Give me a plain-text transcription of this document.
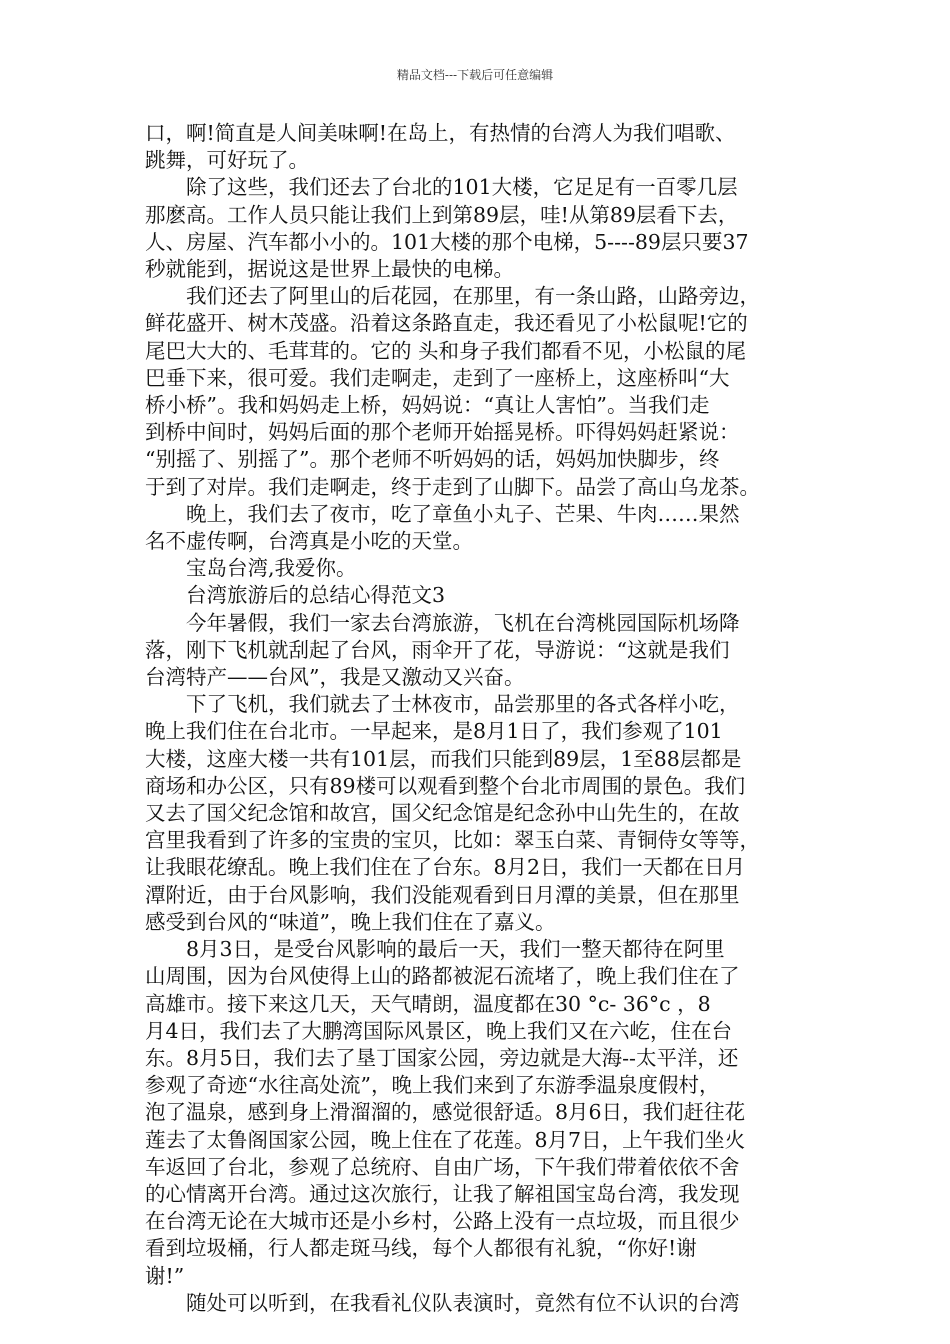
精品文档---下载后可任意编辑

口，啊!简直是人间美味啊!在岛上，有热情的台湾人为我们唱歌、

跳舞，可好玩了。

　　除了这些，我们还去了台北的101大楼，它足足有一百零几层

那麽高。工作人员只能让我们上到第89层，哇!从第89层看下去，

人、房屋、汽车都小小的。101大楼的那个电梯，5----89层只要37

秒就能到，据说这是世界上最快的电梯。

　　我们还去了阿里山的后花园，在那里，有一条山路，山路旁边，

鲜花盛开、树木茂盛。沿着这条路直走，我还看见了小松鼠呢!它的

尾巴大大的、毛茸茸的。它的 头和身子我们都看不见，小松鼠的尾

巴垂下来，很可爱。我们走啊走，走到了一座桥上，这座桥叫“大

桥小桥”。我和妈妈走上桥，妈妈说：“真让人害怕”。当我们走

到桥中间时，妈妈后面的那个老师开始摇晃桥。吓得妈妈赶紧说：

“别摇了、别摇了”。那个老师不听妈妈的话，妈妈加快脚步，终

于到了对岸。我们走啊走，终于走到了山脚下。品尝了高山乌龙茶。

　　晚上，我们去了夜市，吃了章鱼小丸子、芒果、牛肉……果然

名不虚传啊，台湾真是小吃的天堂。

　　宝岛台湾,我爱你。

　　台湾旅游后的总结心得范文3

　　今年暑假，我们一家去台湾旅游，飞机在台湾桃园国际机场降

落，刚下飞机就刮起了台风，雨伞开了花，导游说：“这就是我们

台湾特产——台风”，我是又激动又兴奋。

　　下了飞机，我们就去了士林夜市，品尝那里的各式各样小吃，

晚上我们住在台北市。一早起来，是8月1日了，我们参观了101

大楼，这座大楼一共有101层，而我们只能到89层，1至88层都是

商场和办公区，只有89楼可以观看到整个台北市周围的景色。我们

又去了国父纪念馆和故宫，国父纪念馆是纪念孙中山先生的，在故

宫里我看到了许多的宝贵的宝贝，比如：翠玉白菜、青铜侍女等等，

让我眼花缭乱。晚上我们住在了台东。8月2日，我们一天都在日月

潭附近，由于台风影响，我们没能观看到日月潭的美景，但在那里

感受到台风的“味道”，晚上我们住在了嘉义。

　　8月3日，是受台风影响的最后一天，我们一整天都待在阿里

山周围，因为台风使得上山的路都被泥石流堵了，晚上我们住在了

高雄市。接下来这几天，天气晴朗，温度都在30 °c- 36°c ，8

月4日，我们去了大鹏湾国际风景区，晚上我们又在六屹，住在台

东。8月5日，我们去了垦丁国家公园，旁边就是大海--太平洋，还

参观了奇迹“水往高处流”，晚上我们来到了东游季温泉度假村，

泡了温泉，感到身上滑溜溜的，感觉很舒适。8月6日，我们赶往花

莲去了太鲁阁国家公园，晚上住在了花莲。8月7日，上午我们坐火

车返回了台北，参观了总统府、自由广场，下午我们带着依依不舍

的心情离开台湾。通过这次旅行，让我了解祖国宝岛台湾，我发现

在台湾无论在大城市还是小乡村，公路上没有一点垃圾，而且很少

看到垃圾桶，行人都走斑马线，每个人都很有礼貌，“你好!谢

谢!”

　　随处可以听到，在我看礼仪队表演时，竟然有位不认识的台湾
